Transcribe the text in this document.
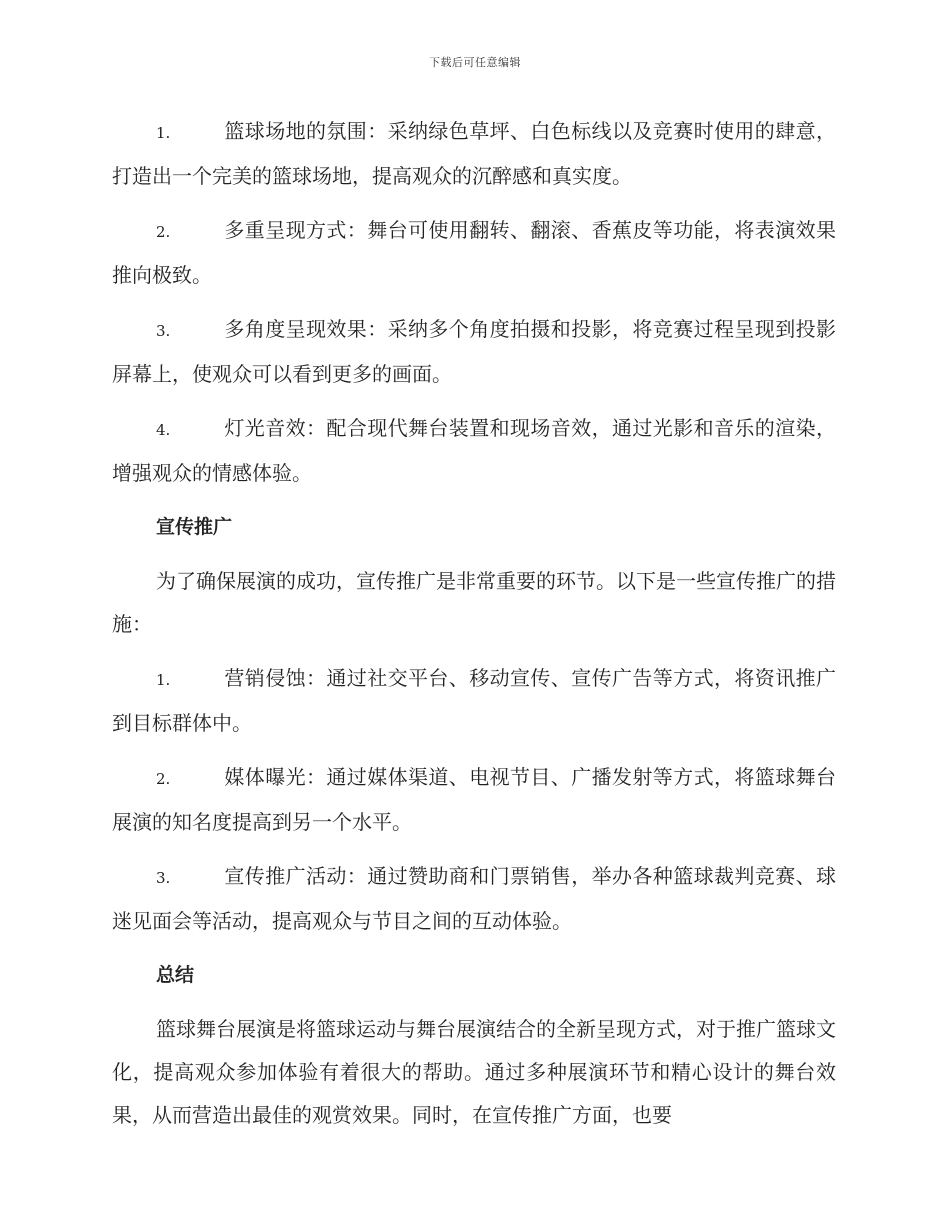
下载后可任意编辑

1.	篮球场地的氛围：采纳绿色草坪、白色标线以及竞赛时使用的肆意，打造出一个完美的篮球场地，提高观众的沉醉感和真实度。

2.	多重呈现方式：舞台可使用翻转、翻滚、香蕉皮等功能，将表演效果推向极致。

3.	多角度呈现效果：采纳多个角度拍摄和投影，将竞赛过程呈现到投影屏幕上，使观众可以看到更多的画面。

4.	灯光音效：配合现代舞台装置和现场音效，通过光影和音乐的渲染，增强观众的情感体验。

宣传推广

为了确保展演的成功，宣传推广是非常重要的环节。以下是一些宣传推广的措施：

1.	营销侵蚀：通过社交平台、移动宣传、宣传广告等方式，将资讯推广到目标群体中。

2.	媒体曝光：通过媒体渠道、电视节目、广播发射等方式，将篮球舞台展演的知名度提高到另一个水平。

3.	宣传推广活动：通过赞助商和门票销售，举办各种篮球裁判竞赛、球迷见面会等活动，提高观众与节目之间的互动体验。

总结

篮球舞台展演是将篮球运动与舞台展演结合的全新呈现方式，对于推广篮球文化，提高观众参加体验有着很大的帮助。通过多种展演环节和精心设计的舞台效果，从而营造出最佳的观赏效果。同时，在宣传推广方面，也要
